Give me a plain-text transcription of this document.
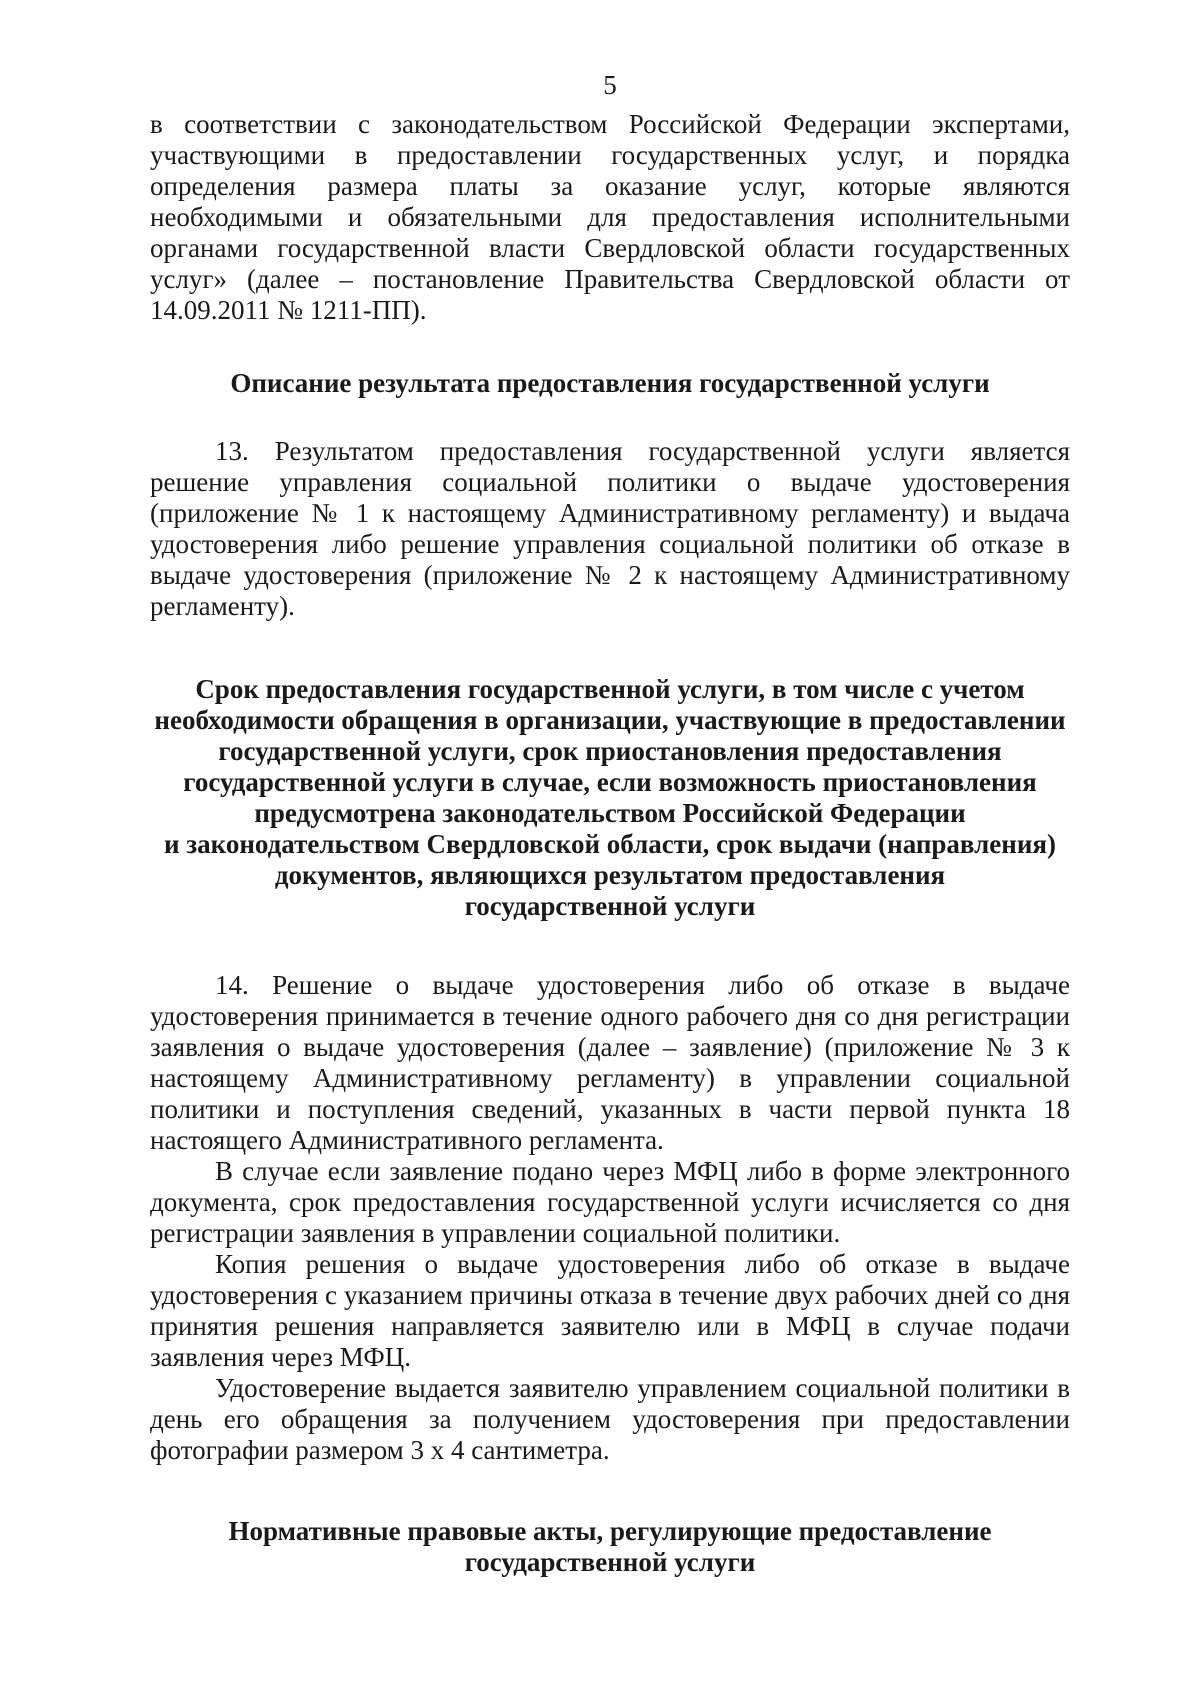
5

в соответствии с законодательством Российской Федерации экспертами, участвующими в предоставлении государственных услуг, и порядка определения размера платы за оказание услуг, которые являются необходимыми и обязательными для предоставления исполнительными органами государственной власти Свердловской области государственных услуг» (далее – постановление Правительства Свердловской области от 14.09.2011 № 1211-ПП).

Описание результата предоставления государственной услуги

13. Результатом предоставления государственной услуги является решение управления социальной политики о выдаче удостоверения (приложение № 1 к настоящему Административному регламенту) и выдача удостоверения либо решение управления социальной политики об отказе в выдаче удостоверения (приложение № 2 к настоящему Административному регламенту).

Срок предоставления государственной услуги, в том числе с учетом
необходимости обращения в организации, участвующие в предоставлении
государственной услуги, срок приостановления предоставления
государственной услуги в случае, если возможность приостановления
предусмотрена законодательством Российской Федерации
и законодательством Свердловской области, срок выдачи (направления)
документов, являющихся результатом предоставления
государственной услуги

14. Решение о выдаче удостоверения либо об отказе в выдаче удостоверения принимается в течение одного рабочего дня со дня регистрации заявления о выдаче удостоверения (далее – заявление) (приложение № 3 к настоящему Административному регламенту) в управлении социальной политики и поступления сведений, указанных в части первой пункта 18 настоящего Административного регламента.

В случае если заявление подано через МФЦ либо в форме электронного документа, срок предоставления государственной услуги исчисляется со дня регистрации заявления в управлении социальной политики.

Копия решения о выдаче удостоверения либо об отказе в выдаче удостоверения с указанием причины отказа в течение двух рабочих дней со дня принятия решения направляется заявителю или в МФЦ в случае подачи заявления через МФЦ.

Удостоверение выдается заявителю управлением социальной политики в день его обращения за получением удостоверения при предоставлении фотографии размером 3 х 4 сантиметра.

Нормативные правовые акты, регулирующие предоставление
государственной услуги
